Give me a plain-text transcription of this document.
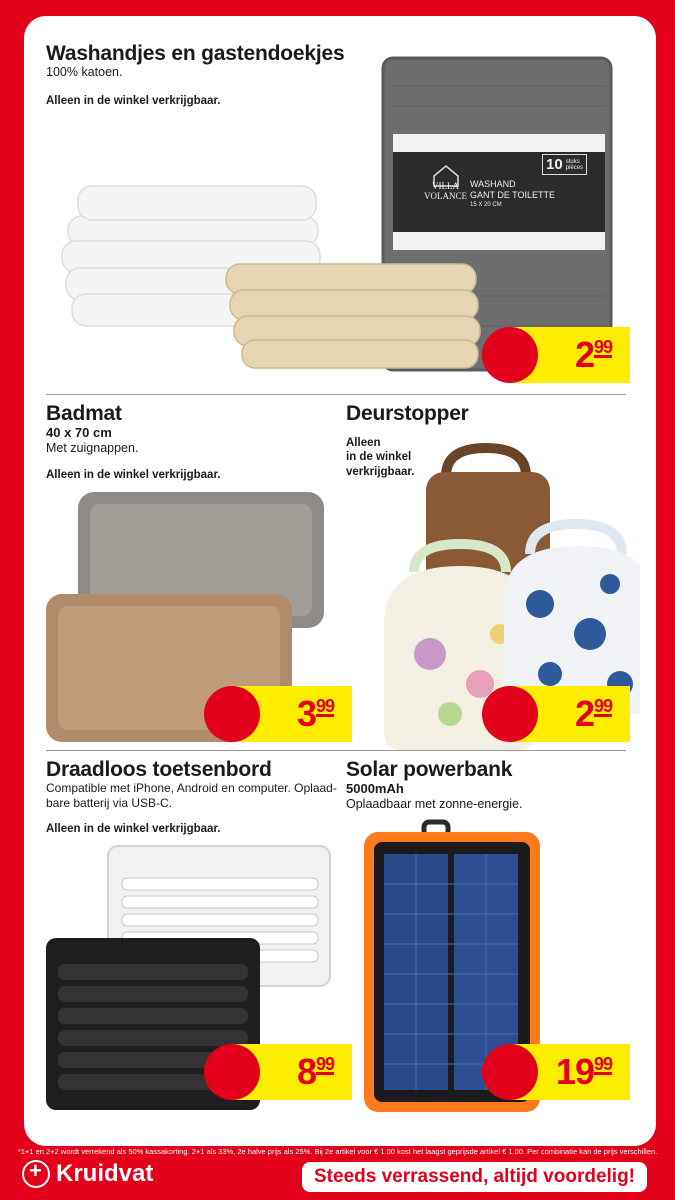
Washandjes en gastendoekjes
100% katoen.
Alleen in de winkel verkrijgbaar.
VILLA
VOLANCE
WASHAND
GANT DE TOILETTE
15 X 20 CM
10 stuks
pièces
299
Badmat
40 x 70 cm
Met zuignappen.
Alleen in de winkel verkrijgbaar.
399
Deurstopper
Alleen
in de winkel
verkrijgbaar.
299
Draadloos toetsenbord
Compatible met iPhone, Android en computer. Oplaad-
bare batterij via USB-C.
Alleen in de winkel verkrijgbaar.
899
Solar powerbank
5000mAh
Oplaadbaar met zonne-energie.
1999
*1+1 en 2+2 wordt verrekend als 50% kassakorting. 2+1 als 33%, 2e halve prijs als 25%. Bij 2e artikel voor € 1.00 kost het laagst geprijsde artikel € 1.00. Per combinatie kan de prijs verschillen.
+
Kruidvat	Steeds verrassend, altijd voordelig!
